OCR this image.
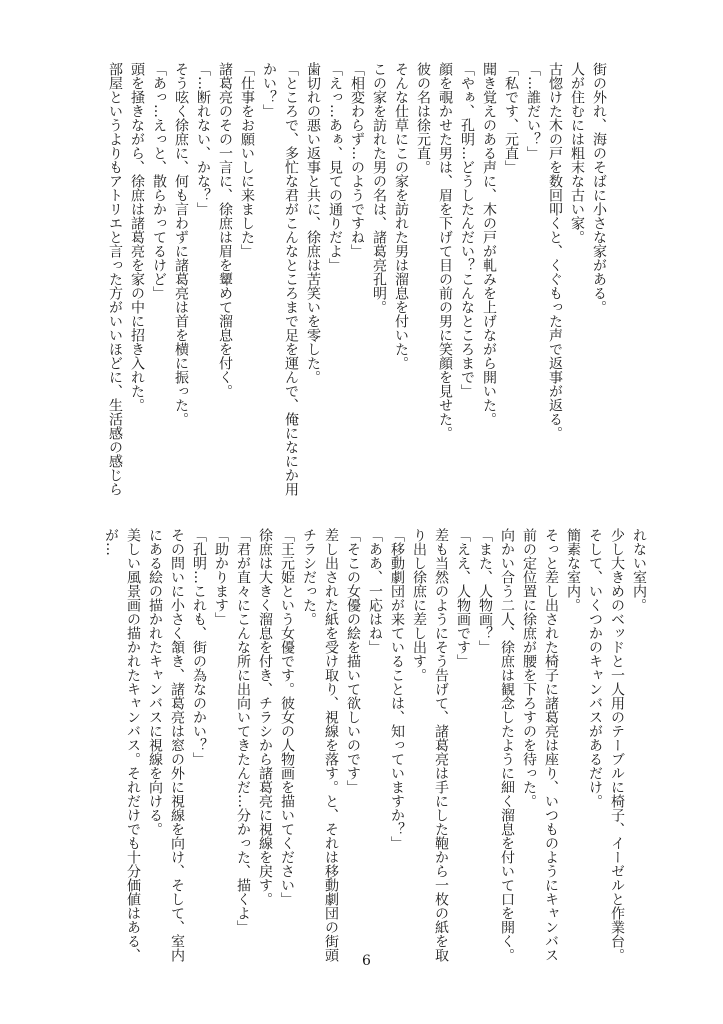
街の外れ、海のそばに小さな家がある。
人が住むには粗末な古い家。
古惚けた木の戸を数回叩くと、くぐもった声で返事が返る。
「…誰だい？」
「私です、元直」
聞き覚えのある声に、木の戸が軋みを上げながら開いた。
「やぁ、孔明…どうしたんだい？こんなところまで」
顔を覗かせた男は、眉を下げて目の前の男に笑顔を見せた。
彼の名は徐元直。
そんな仕草にこの家を訪れた男は溜息を付いた。
この家を訪れた男の名は、諸葛亮孔明。
「相変わらず…のようですね」
「えっ…あぁ、見ての通りだよ」
歯切れの悪い返事と共に、徐庶は苦笑いを零した。
「ところで、多忙な君がこんなところまで足を運んで、俺になにか用
かい？」
「仕事をお願いしに来ました」
諸葛亮のその一言に、徐庶は眉を顰めて溜息を付く。
「…断れない、かな？」
そう呟く徐庶に、何も言わずに諸葛亮は首を横に振った。
「あっ…えっと、散らかってるけど」
頭を掻きながら、徐庶は諸葛亮を家の中に招き入れた。
部屋というよりもアトリエと言った方がいいほどに、生活感の感じら
れない室内。
少し大きめのベッドと一人用のテーブルに椅子、イーゼルと作業台。
そして、いくつかのキャンバスがあるだけ。
簡素な室内。
そっと差し出された椅子に諸葛亮は座り、いつものようにキャンバス
前の定位置に徐庶が腰を下ろすのを待った。
向かい合う二人、徐庶は観念したように細く溜息を付いて口を開く。
「また、人物画？」
「ええ、人物画です」
差も当然のようにそう告げて、諸葛亮は手にした鞄から一枚の紙を取
り出し徐庶に差し出す。
「移動劇団が来ていることは、知っていますか？」
「ああ、一応はね」
「そこの女優の絵を描いて欲しいのです」
差し出された紙を受け取り、視線を落す。と、それは移動劇団の街頭
チラシだった。
「王元姫という女優です。彼女の人物画を描いてください」
徐庶は大きく溜息を付き、チラシから諸葛亮に視線を戻す。
「君が直々にこんな所に出向いてきたんだ…分かった、描くよ」
「助かります」
「孔明…これも、街の為なのかい？」
その問いに小さく頷き、諸葛亮は窓の外に視線を向け、そして、室内
にある絵の描かれたキャンバスに視線を向ける。
美しい風景画の描かれたキャンバス。それだけでも十分価値はある、
が…
6
